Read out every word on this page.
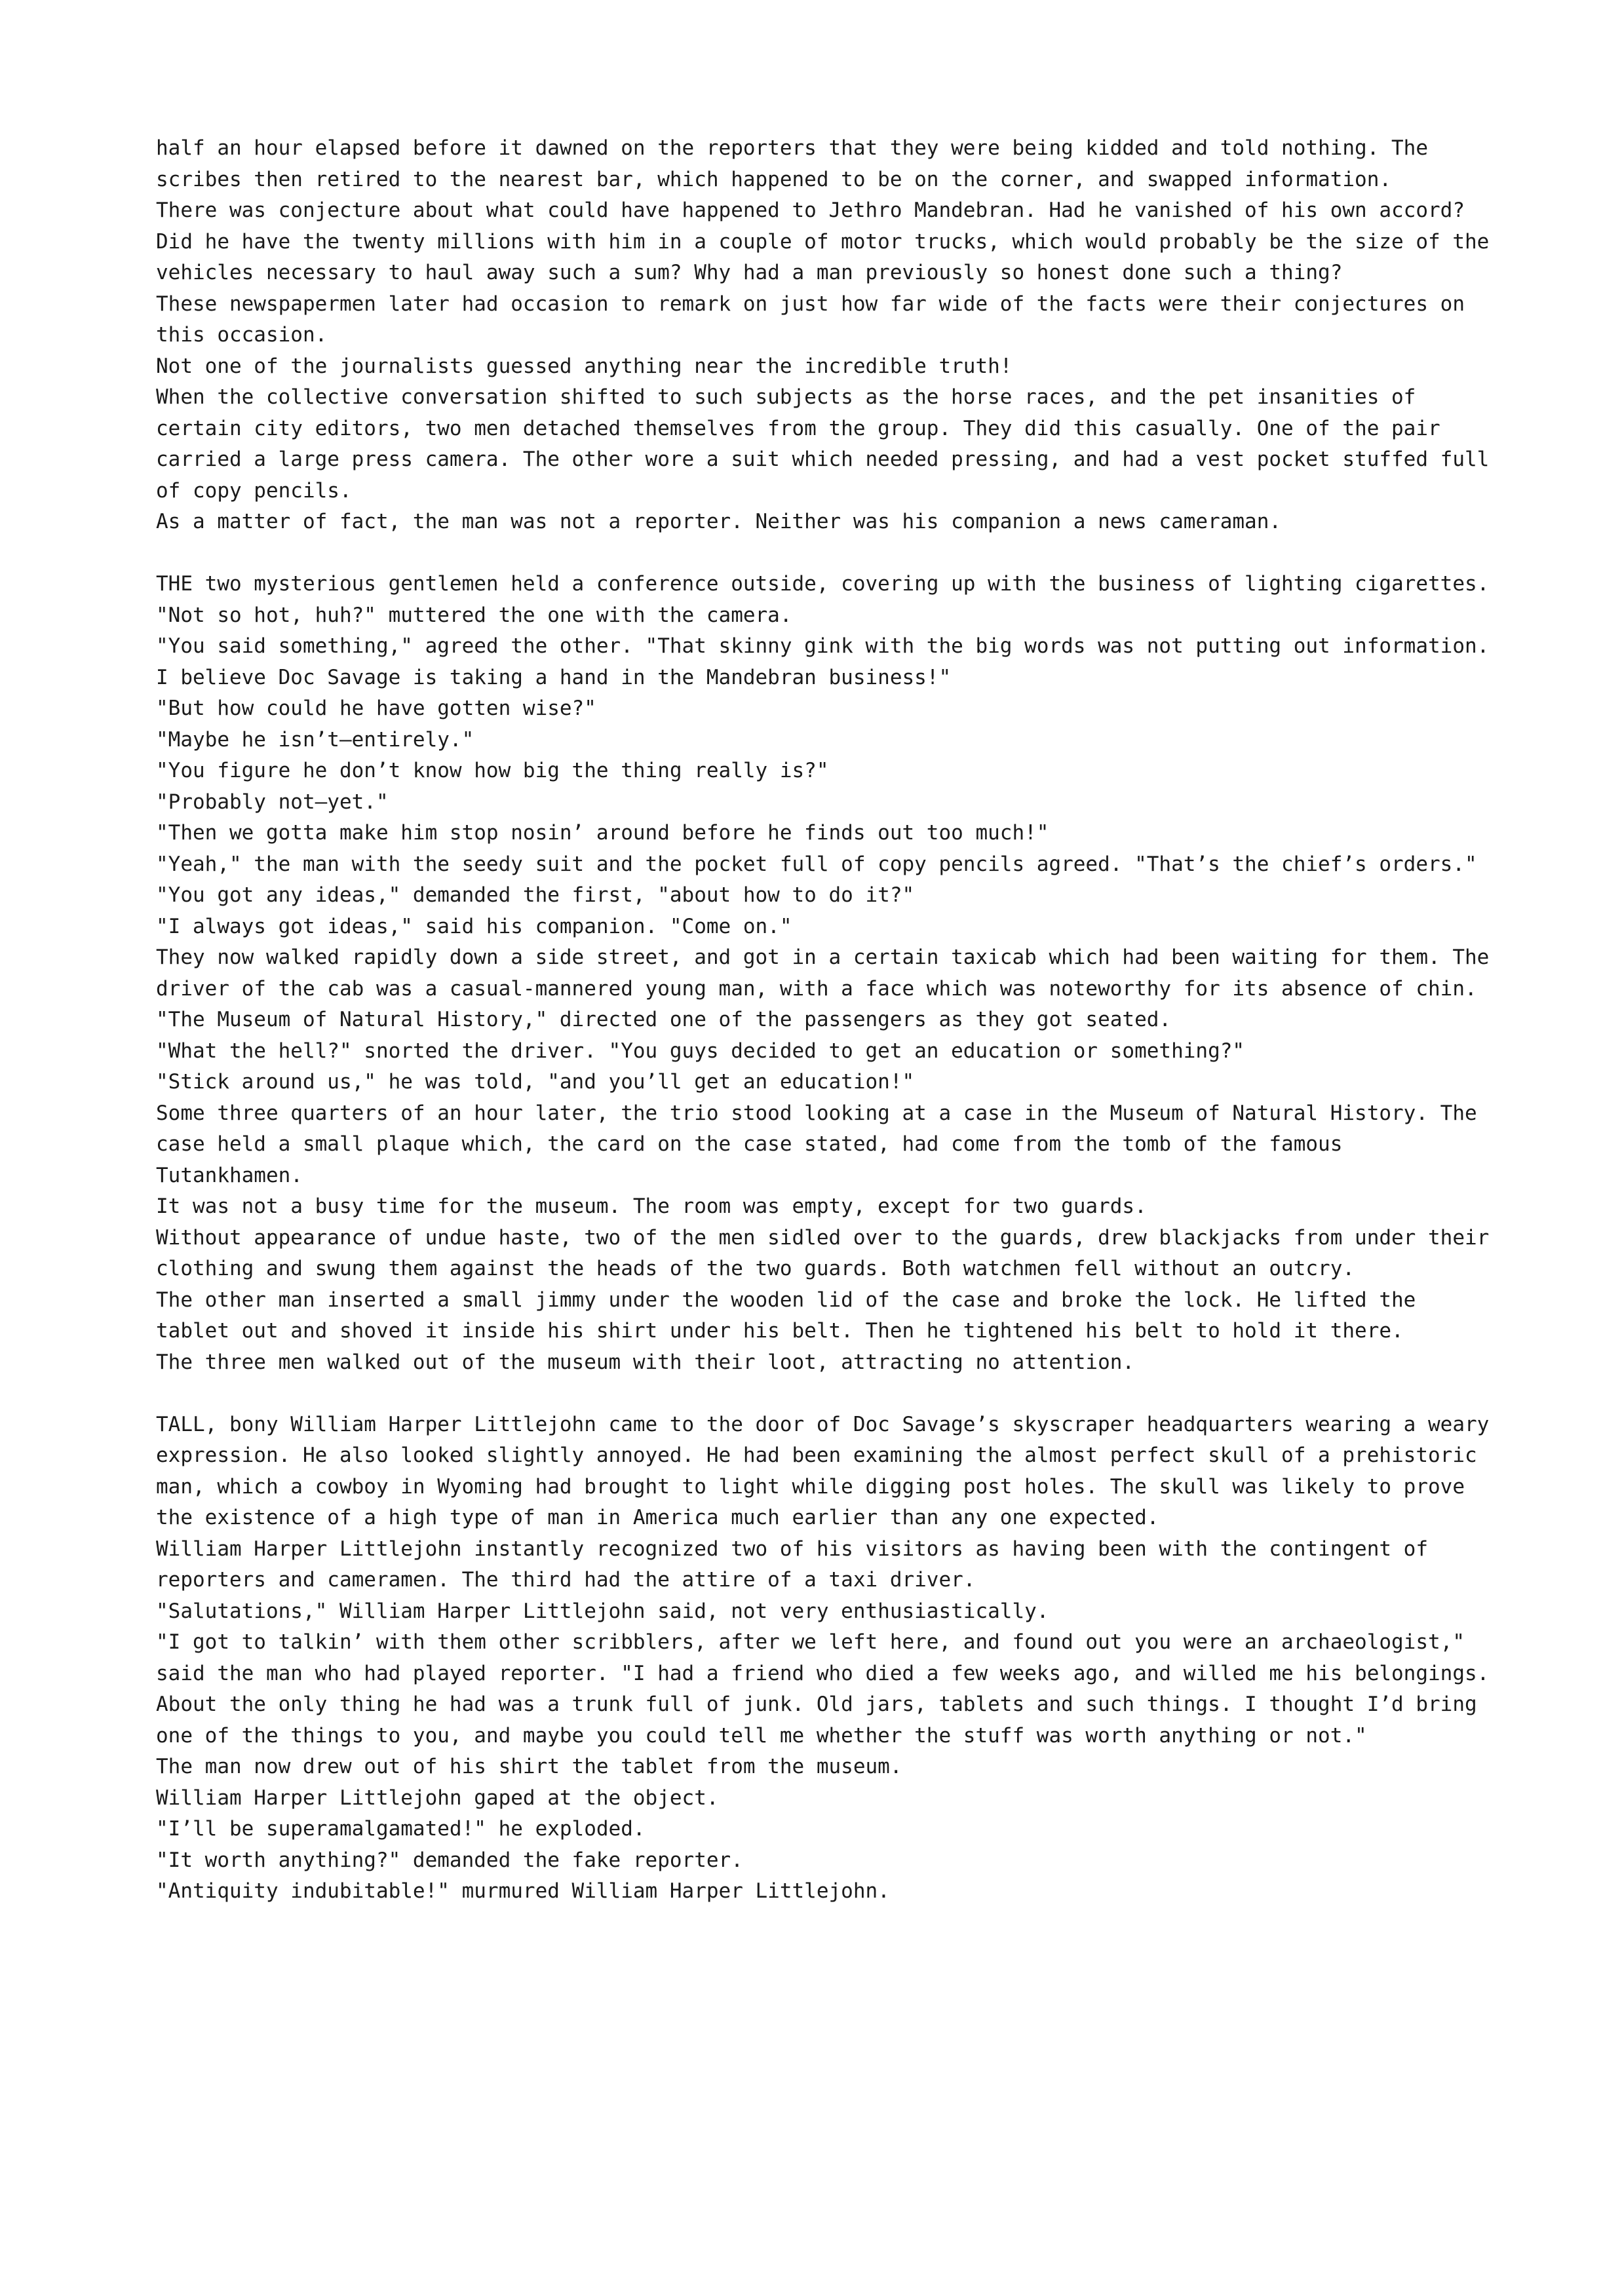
half an hour elapsed before it dawned on the reporters that they were being kidded and told nothing. The scribes then retired to the nearest bar, which happened to be on the corner, and swapped information.

There was conjecture about what could have happened to Jethro Mandebran. Had he vanished of his own accord? Did he have the twenty millions with him in a couple of motor trucks, which would probably be the size of the vehicles necessary to haul away such a sum? Why had a man previously so honest done such a thing?

These newspapermen later had occasion to remark on just how far wide of the facts were their conjectures on this occasion.

Not one of the journalists guessed anything near the incredible truth!

When the collective conversation shifted to such subjects as the horse races, and the pet insanities of certain city editors, two men detached themselves from the group. They did this casually. One of the pair carried a large press camera. The other wore a suit which needed pressing, and had a vest pocket stuffed full of copy pencils.

As a matter of fact, the man was not a reporter. Neither was his companion a news cameraman.

THE two mysterious gentlemen held a conference outside, covering up with the business of lighting cigarettes.

"Not so hot, huh?" muttered the one with the camera.

"You said something," agreed the other. "That skinny gink with the big words was not putting out information. I believe Doc Savage is taking a hand in the Mandebran business!"

"But how could he have gotten wise?"

"Maybe he isn’t—entirely."

"You figure he don’t know how big the thing really is?"

"Probably not—yet."

"Then we gotta make him stop nosin’ around before he finds out too much!"

"Yeah," the man with the seedy suit and the pocket full of copy pencils agreed. "That’s the chief’s orders."

"You got any ideas," demanded the first, "about how to do it?"

"I always got ideas," said his companion. "Come on."

They now walked rapidly down a side street, and got in a certain taxicab which had been waiting for them. The driver of the cab was a casual-mannered young man, with a face which was noteworthy for its absence of chin.

"The Museum of Natural History," directed one of the passengers as they got seated.

"What the hell?" snorted the driver. "You guys decided to get an education or something?"

"Stick around us," he was told, "and you’ll get an education!"

Some three quarters of an hour later, the trio stood looking at a case in the Museum of Natural History. The case held a small plaque which, the card on the case stated, had come from the tomb of the famous Tutankhamen.

It was not a busy time for the museum. The room was empty, except for two guards.

Without appearance of undue haste, two of the men sidled over to the guards, drew blackjacks from under their clothing and swung them against the heads of the two guards. Both watchmen fell without an outcry.

The other man inserted a small jimmy under the wooden lid of the case and broke the lock. He lifted the tablet out and shoved it inside his shirt under his belt. Then he tightened his belt to hold it there.

The three men walked out of the museum with their loot, attracting no attention.

TALL, bony William Harper Littlejohn came to the door of Doc Savage’s skyscraper headquarters wearing a weary expression. He also looked slightly annoyed. He had been examining the almost perfect skull of a prehistoric man, which a cowboy in Wyoming had brought to light while digging post holes. The skull was likely to prove the existence of a high type of man in America much earlier than any one expected.

William Harper Littlejohn instantly recognized two of his visitors as having been with the contingent of reporters and cameramen. The third had the attire of a taxi driver.

"Salutations," William Harper Littlejohn said, not very enthusiastically.

"I got to talkin’ with them other scribblers, after we left here, and found out you were an archaeologist," said the man who had played reporter. "I had a friend who died a few weeks ago, and willed me his belongings. About the only thing he had was a trunk full of junk. Old jars, tablets and such things. I thought I’d bring one of the things to you, and maybe you could tell me whether the stuff was worth anything or not."

The man now drew out of his shirt the tablet from the museum.

William Harper Littlejohn gaped at the object.

"I’ll be superamalgamated!" he exploded.

"It worth anything?" demanded the fake reporter.

"Antiquity indubitable!" murmured William Harper Littlejohn.
